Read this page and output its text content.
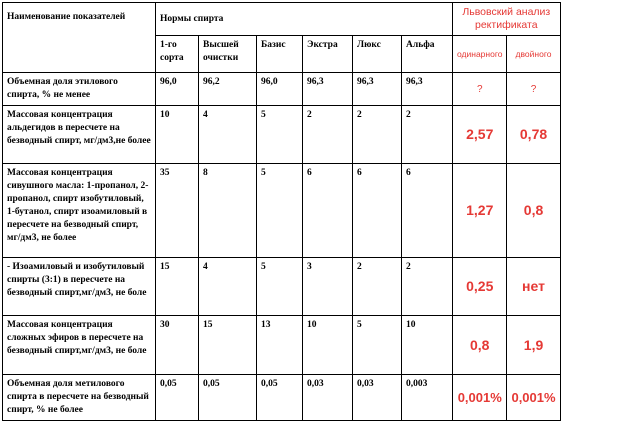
Наименование показателей	Нормы спирта						Львовский анализ ректификата	
	1-го сорта	Высшей очистки	Базис	Экстра	Люкс	Альфа	одинарного	двойного
Объемная доля этилового спирта, % не менее	96,0	96,2	96,0	96,3	96,3	96,3	?	?
Массовая концентрация альдегидов в пересчете на безводный спирт, мг/дм3,не более	10	4	5	2	2	2	2,57	0,78
Массовая концентрация сивушного масла: 1-пропанол, 2-пропанол, спирт изобутиловый, 1-бутанол, спирт изоамиловый в пересчете на безводный спирт, мг/дм3, не более	35	8	5	6	6	6	1,27	0,8
- Изоамиловый и изобутиловый спирты (3:1) в пересчете на безводный спирт,мг/дм3, не боле	15	4	5	3	2	2	0,25	нет
Массовая концентрация сложных эфиров в пересчете на безводный спирт,мг/дм3, не боле	30	15	13	10	5	10	0,8	1,9
Объемная доля метилового спирта в пересчете на безводный спирт, % не более	0,05	0,05	0,05	0,03	0,03	0,003	0,001%	0,001%
